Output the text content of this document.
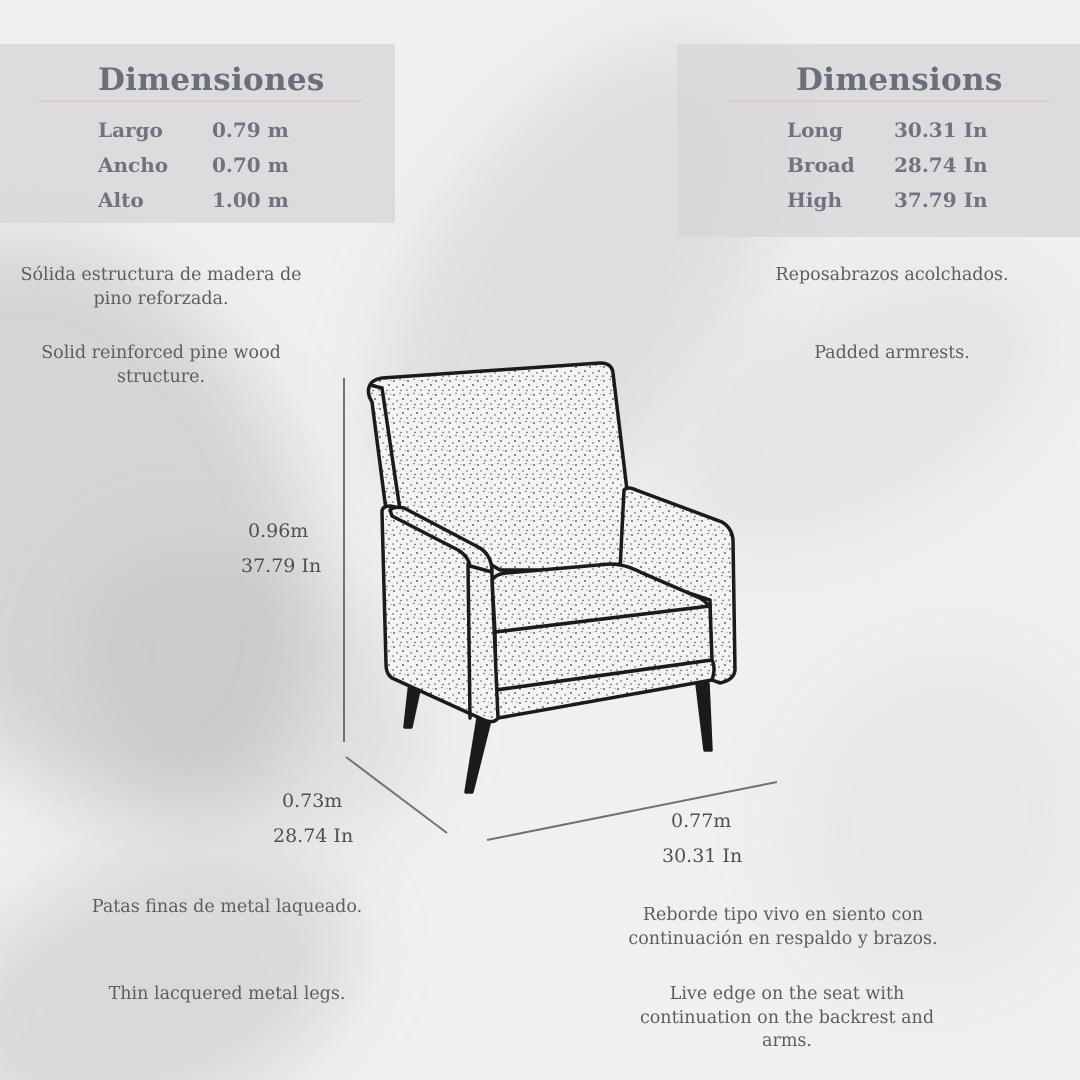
Dimensiones
Largo 0.79 m
Ancho 0.70 m
Alto	1.00 m
Dimensions
Long	30.31 In
Broad 28.74 In
High	37.79 In
Sólida estructura de madera de pino reforzada.
Solid reinforced pine wood structure.
Reposabrazos acolchados.
Padded armrests.
Patas finas de metal laqueado.
Thin lacquered metal legs.
Reborde tipo vivo en siento con continuación en respaldo y brazos.
Live edge on the seat with continuation on the backrest and arms.
0.96m
37.79 In
0.73m
28.74 In
0.77m
30.31 In
